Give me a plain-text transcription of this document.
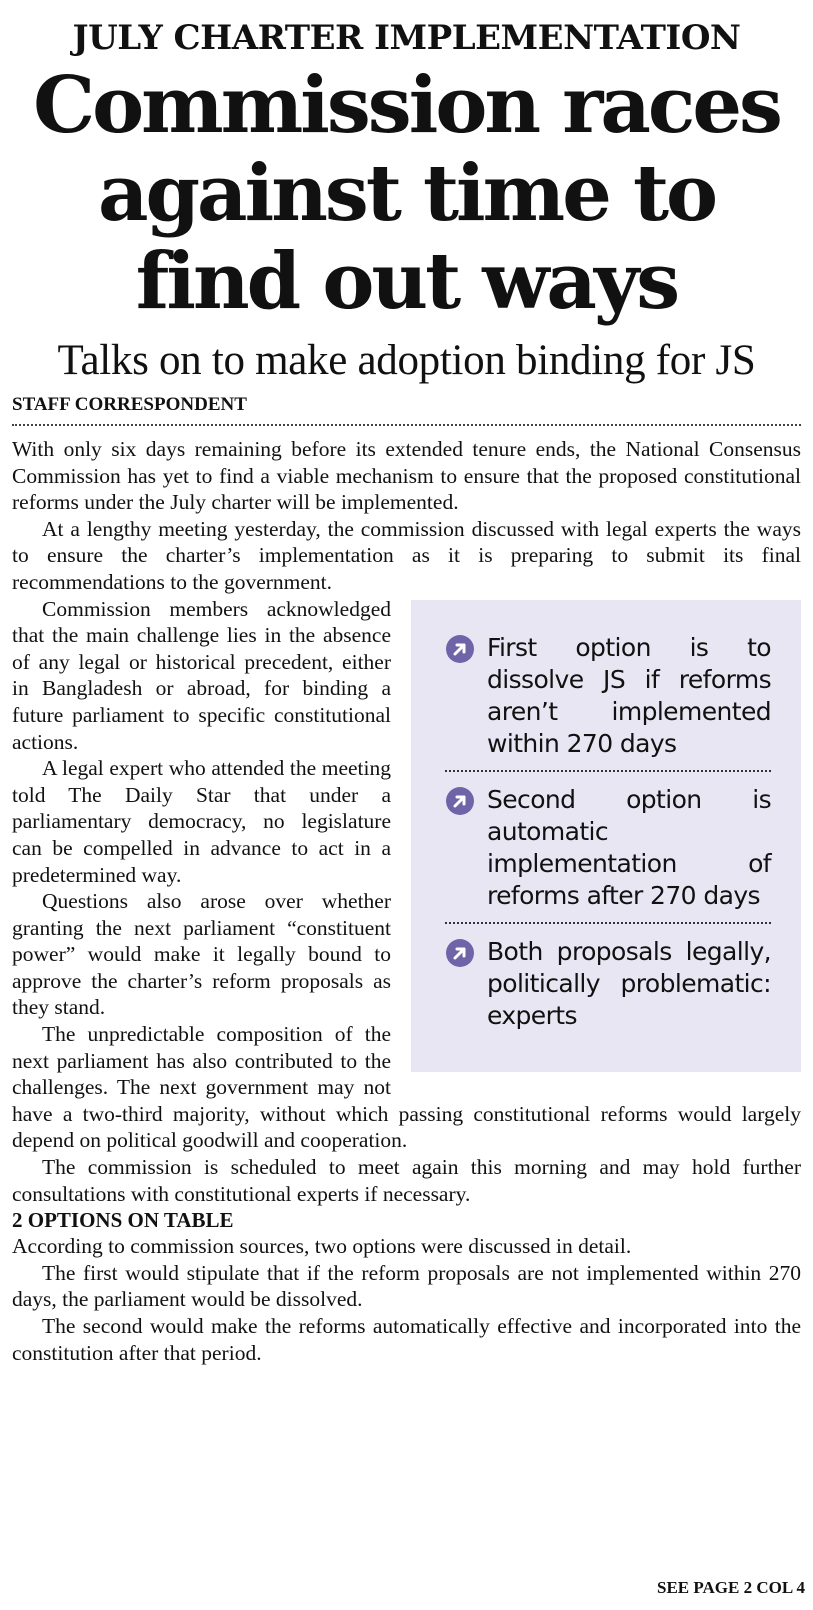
JULY CHARTER IMPLEMENTATION
Commission races against time to find out ways
Talks on to make adoption binding for JS
STAFF CORRESPONDENT

With only six days remaining before its extended tenure ends, the National Consensus Commission has yet to find a viable mechanism to ensure that the proposed constitutional reforms under the July charter will be implemented.

At a lengthy meeting yesterday, the commission discussed with legal experts the ways to ensure the charter’s implementation as it is preparing to submit its final recommendations to the government.

First option is to dissolve JS if reforms aren’t implemented within 270 days
Second option is automatic implementation of reforms after 270 days
Both proposals legally, politically problematic: experts

Commission members acknowledged that the main challenge lies in the absence of any legal or historical precedent, either in Bangladesh or abroad, for binding a future parliament to specific constitutional actions.

A legal expert who attended the meeting told The Daily Star that under a parliamentary democracy, no legislature can be compelled in advance to act in a predetermined way.

Questions also arose over whether granting the next parliament “constituent power” would make it legally bound to approve the charter’s reform proposals as they stand.

The unpredictable composition of the next parliament has also contributed to the challenges. The next government may not have a two-third majority, without which passing constitutional reforms would largely depend on political goodwill and cooperation.

The commission is scheduled to meet again this morning and may hold further consultations with constitutional experts if necessary.

2 OPTIONS ON TABLE

According to commission sources, two options were discussed in detail.

The first would stipulate that if the reform proposals are not implemented within 270 days, the parliament would be dissolved.

The second would make the reforms automatically effective and incorporated into the constitution after that period.

SEE PAGE 2 COL 4
